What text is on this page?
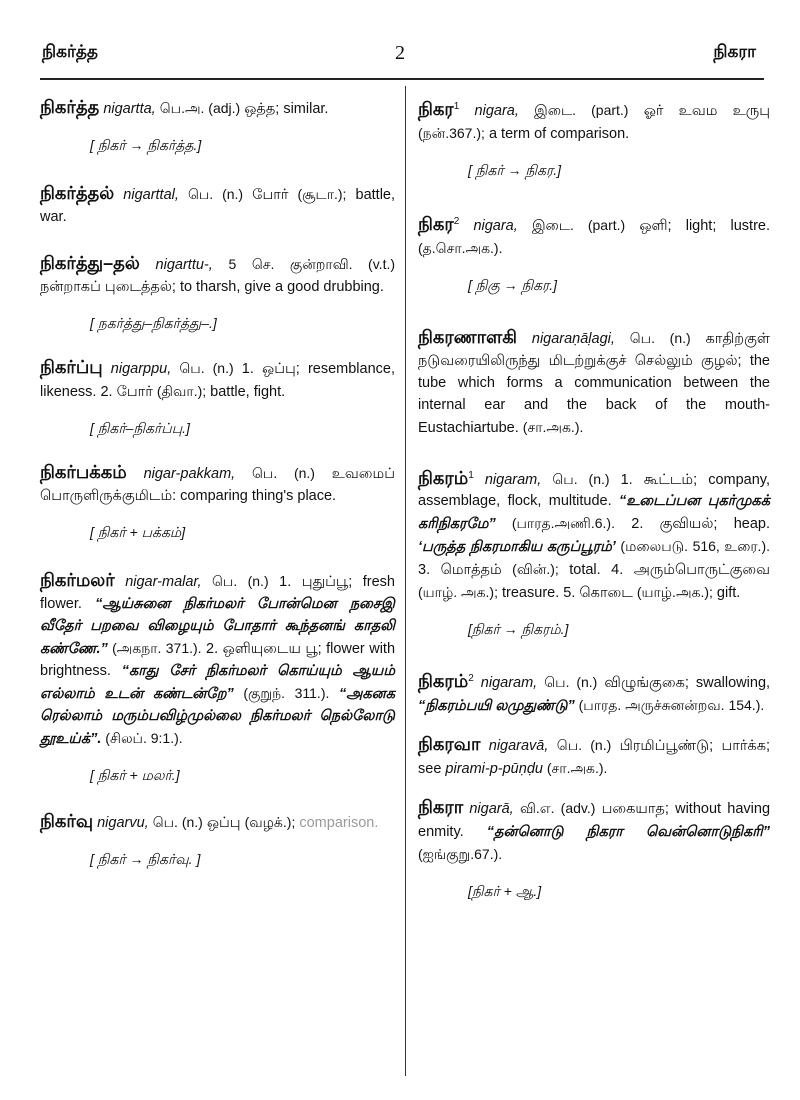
நிகர்த்த	2	நிகரா
நிகர்த்த nigartta, பெ.அ. (adj.) ஒத்த; similar.
[ நிகர் → நிகர்த்த.]
நிகர்த்தல் nigarttal, பெ. (n.) போர் (சூடா.); battle, war.
நிகர்த்து–தல் nigarttu-, 5 செ. குன்றாவி. (v.t.) நன்றாகப் புடைத்தல்; to tharsh, give a good drubbing.
[ நகர்த்து–நிகர்த்து–.]
நிகர்ப்பு nigarppu, பெ. (n.) 1. ஒப்பு; resemblance, likeness. 2. போர் (திவா.); battle, fight.
[ நிகர்–நிகர்ப்பு.]
நிகர்பக்கம் nigar-pakkam, பெ. (n.) உவமைப் பொருளிருக்குமிடம்: comparing thing's place.
[ நிகர் + பக்கம்]
நிகர்மலர் nigar-malar, பெ. (n.) 1. புதுப்பூ; fresh flower. “ஆய்சுனை நிகர்மலர் போன்மென நசைஇ வீதேர் பறவை விழையும் போதார் கூந்தனங் காதலி கண்ணே.” (அகநா. 371.). 2. ஒளியுடைய பூ; flower with brightness. “காது சேர் நிகர்மலர் கொய்யும் ஆயம் எல்லாம் உடன் கண்டன்றே” (குறுந். 311.). “அகனக ரெல்லாம் மரும்பவிழ்முல்லை நிகர்மலர் நெல்லோடு தூஉய்க்”. (சிலப். 9:1.).
[ நிகர் + மலர்.]
நிகர்வு nigarvu, பெ. (n.) ஒப்பு (வழக்.); comparison.
[ நிகர் → நிகர்வு. ]
நிகர$^1$ nigara, இடை. (part.) ஓர் உவம உருபு (நன்.367.); a term of comparison.
[ நிகர் → நிகர.]
நிகர$^2$ nigara, இடை. (part.) ஒளி; light; lustre. (த.சொ.அக.).
[ நிகு → நிகர.]
நிகரணாளகி nigaraṇāḷagi, பெ. (n.) காதிற்குள் நடுவரையிலிருந்து மிடற்றுக்குச் செல்லும் குழல்; the tube which forms a communication between the internal ear and the back of the mouth- Eustachiartube. (சா.அக.).
நிகரம்$^1$ nigaram, பெ. (n.) 1. கூட்டம்; company, assemblage, flock, multitude. “உடைப்பன புகர்முகக் கரிநிகரமே” (பாரத.அணி.6.). 2. குவியல்; heap. ‘பருத்த நிகரமாகிய கருப்பூரம்’ (மலைபடு. 516, உரை.). 3. மொத்தம் (வின்.); total. 4. அரும்பொருட்குவை (யாழ். அக.); treasure. 5. கொடை (யாழ்.அக.); gift.
[நிகர் → நிகரம்.]
நிகரம்$^2$ nigaram, பெ. (n.) விழுங்குகை; swallowing, “நிகரம்பயி லமுதுண்டு” (பாரத. அருச்சுனன்றவ. 154.).
நிகரவா nigaravā, பெ. (n.) பிரமிப்பூண்டு; பார்க்க; see pirami-p-pūṇḍu (சா.அக.).
நிகரா nigarā, வி.எ. (adv.) பகையாத; without having enmity. “தன்னொடு நிகரா வென்னொடுநிகரி” (ஐங்குறு.67.).
[நிகர் + ஆ.]
